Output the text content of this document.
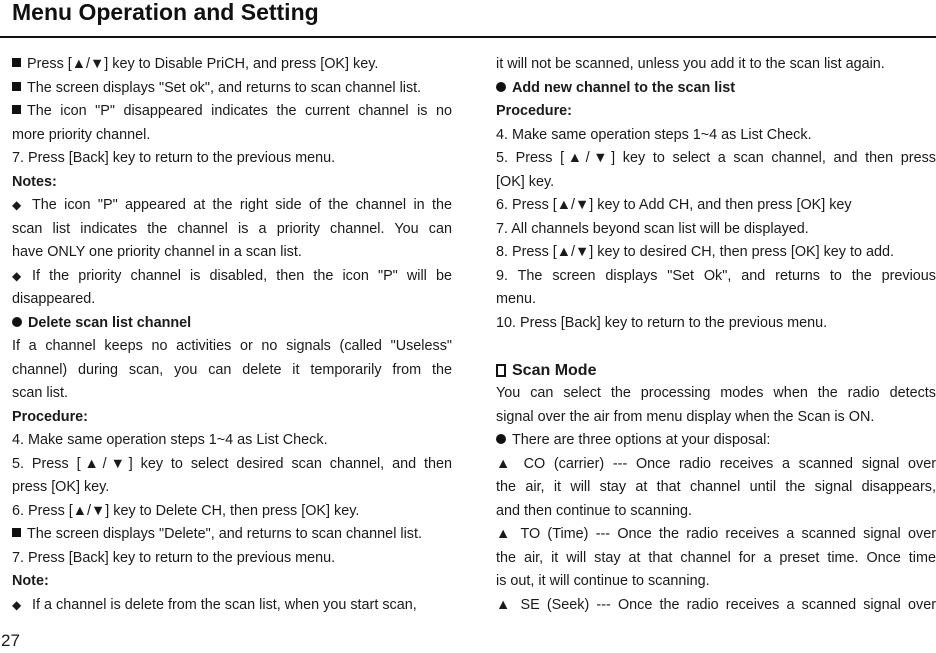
Menu Operation and Setting

Press [▲/▼] key to Disable PriCH, and press [OK] key.

The screen displays "Set ok", and returns to scan channel list.

The icon "P" disappeared indicates the current channel is no

more priority channel.

7. Press [Back] key to return to the previous menu.

Notes:

◆ The icon "P" appeared at the right side of the channel in the

scan list indicates the channel is a priority channel. You can

have ONLY one priority channel in a scan list.

◆ If the priority channel is disabled, then the icon "P" will be

disappeared.

Delete scan list channel

If a channel keeps no activities or no signals (called "Useless"

channel) during scan, you can delete it temporarily from the

scan list.

Procedure:

4. Make same operation steps 1~4 as List Check.

5. Press [▲/▼] key to select desired scan channel, and then

press [OK] key.

6. Press [▲/▼] key to Delete CH, then press [OK] key.

The screen displays "Delete", and returns to scan channel list.

7. Press [Back] key to return to the previous menu.

Note:

◆ If a channel is delete from the scan list, when you start scan,

it will not be scanned, unless you add it to the scan list again.

Add new channel to the scan list

Procedure:

4. Make same operation steps 1~4 as List Check.

5. Press [▲/▼] key to select a scan channel, and then press

[OK] key.

6. Press [▲/▼] key to Add CH, and then press [OK] key

7. All channels beyond scan list will be displayed.

8. Press [▲/▼] key to desired CH, then press [OK] key to add.

9. The screen displays "Set Ok", and returns to the previous

menu.

10. Press [Back] key to return to the previous menu.

Scan Mode

You can select the processing modes when the radio detects

signal over the air from menu display when the Scan is ON.

There are three options at your disposal:

▲ CO (carrier) --- Once radio receives a scanned signal over

the air, it will stay at that channel until the signal disappears,

and then continue to scanning.

▲ TO (Time) --- Once the radio receives a scanned signal over

the air, it will stay at that channel for a preset time. Once time

is out, it will continue to scanning.

▲ SE (Seek) --- Once the radio receives a scanned signal over

27
